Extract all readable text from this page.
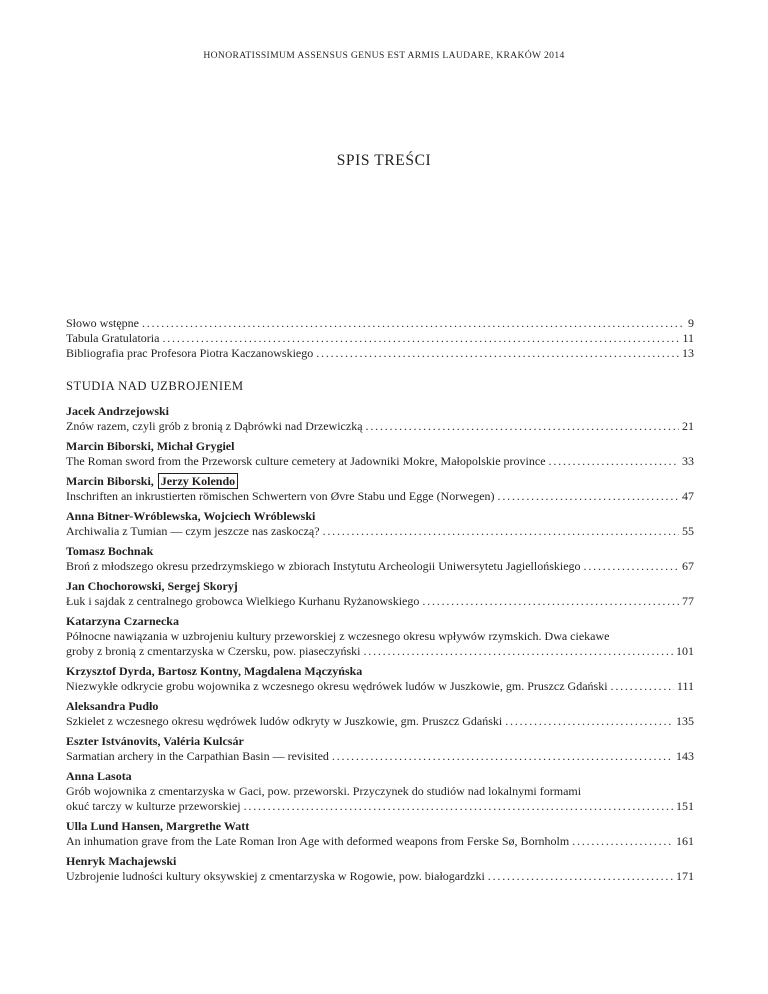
HONORATISSIMUM ASSENSUS GENUS EST ARMIS LAUDARE, KRAKÓW 2014
SPIS TREŚCI
Słowo wstępne . . .	9
Tabula Gratulatoria . . .	11
Bibliografia prac Profesora Piotra Kaczanowskiego . . .	13
STUDIA NAD UZBROJENIEM
Jacek Andrzejowski
Znów razem, czyli grób z bronią z Dąbrówki nad Drzewiczką . . .	21
Marcin Biborski, Michał Grygiel
The Roman sword from the Przeworsk culture cemetery at Jadowniki Mokre, Małopolskie province . . .	33
Marcin Biborski, Jerzy Kolendo
Inschriften an inkrustierten römischen Schwertern von Øvre Stabu und Egge (Norwegen) . . .	47
Anna Bitner-Wróblewska, Wojciech Wróblewski
Archiwalia z Tumian — czym jeszcze nas zaskoczą? . . .	55
Tomasz Bochnak
Broń z młodszego okresu przedrzymskiego w zbiorach Instytutu Archeologii Uniwersytetu Jagiellońskiego . . .	67
Jan Chochorowski, Sergej Skoryj
Łuk i sajdak z centralnego grobowca Wielkiego Kurhanu Ryżanowskiego . . .	77
Katarzyna Czarnecka
Północne nawiązania w uzbrojeniu kultury przeworskiej z wczesnego okresu wpływów rzymskich. Dwa ciekawe
groby z bronią z cmentarzyska w Czersku, pow. piaseczyński . . .	101
Krzysztof Dyrda, Bartosz Kontny, Magdalena Mączyńska
Niezwykłe odkrycie grobu wojownika z wczesnego okresu wędrówek ludów w Juszkowie, gm. Pruszcz Gdański . . .	111
Aleksandra Pudło
Szkielet z wczesnego okresu wędrówek ludów odkryty w Juszkowie, gm. Pruszcz Gdański . . .	135
Eszter Istvánovits, Valéria Kulcsár
Sarmatian archery in the Carpathian Basin — revisited . . .	143
Anna Lasota
Grób wojownika z cmentarzyska w Gaci, pow. przeworski. Przyczynek do studiów nad lokalnymi formami
okuć tarczy w kulturze przeworskiej . . .	151
Ulla Lund Hansen, Margrethe Watt
An inhumation grave from the Late Roman Iron Age with deformed weapons from Ferske Sø, Bornholm . . .	161
Henryk Machajewski
Uzbrojenie ludności kultury oksywskiej z cmentarzyska w Rogowie, pow. białogardzki . . .	171
